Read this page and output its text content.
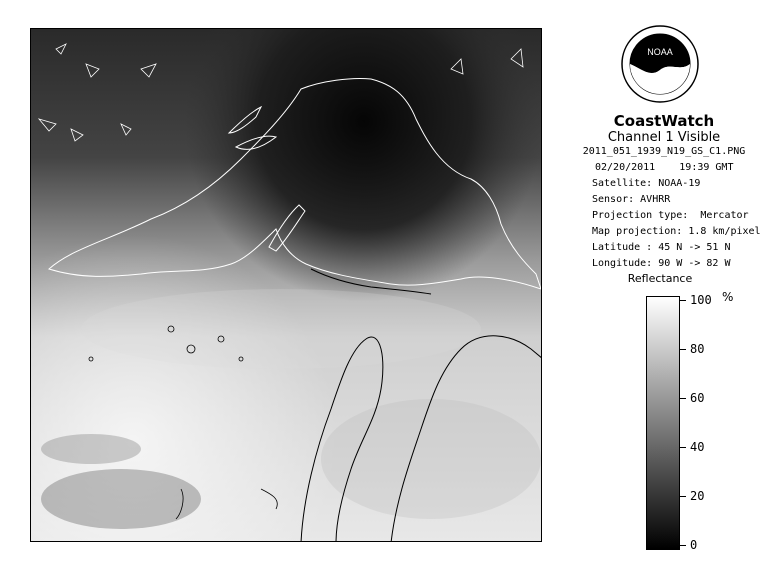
NOAA
CoastWatch
Channel 1 Visible
2011_051_1939_N19_GS_C1.PNG
02/20/2011    19:39 GMT
Satellite: NOAA-19
Sensor: AVHRR
Projection type:  Mercator
Map projection: 1.8 km/pixel
Latitude : 45 N -> 51 N
Longitude: 90 W -> 82 W
Reflectance
%
100
80
60
40
20
0
